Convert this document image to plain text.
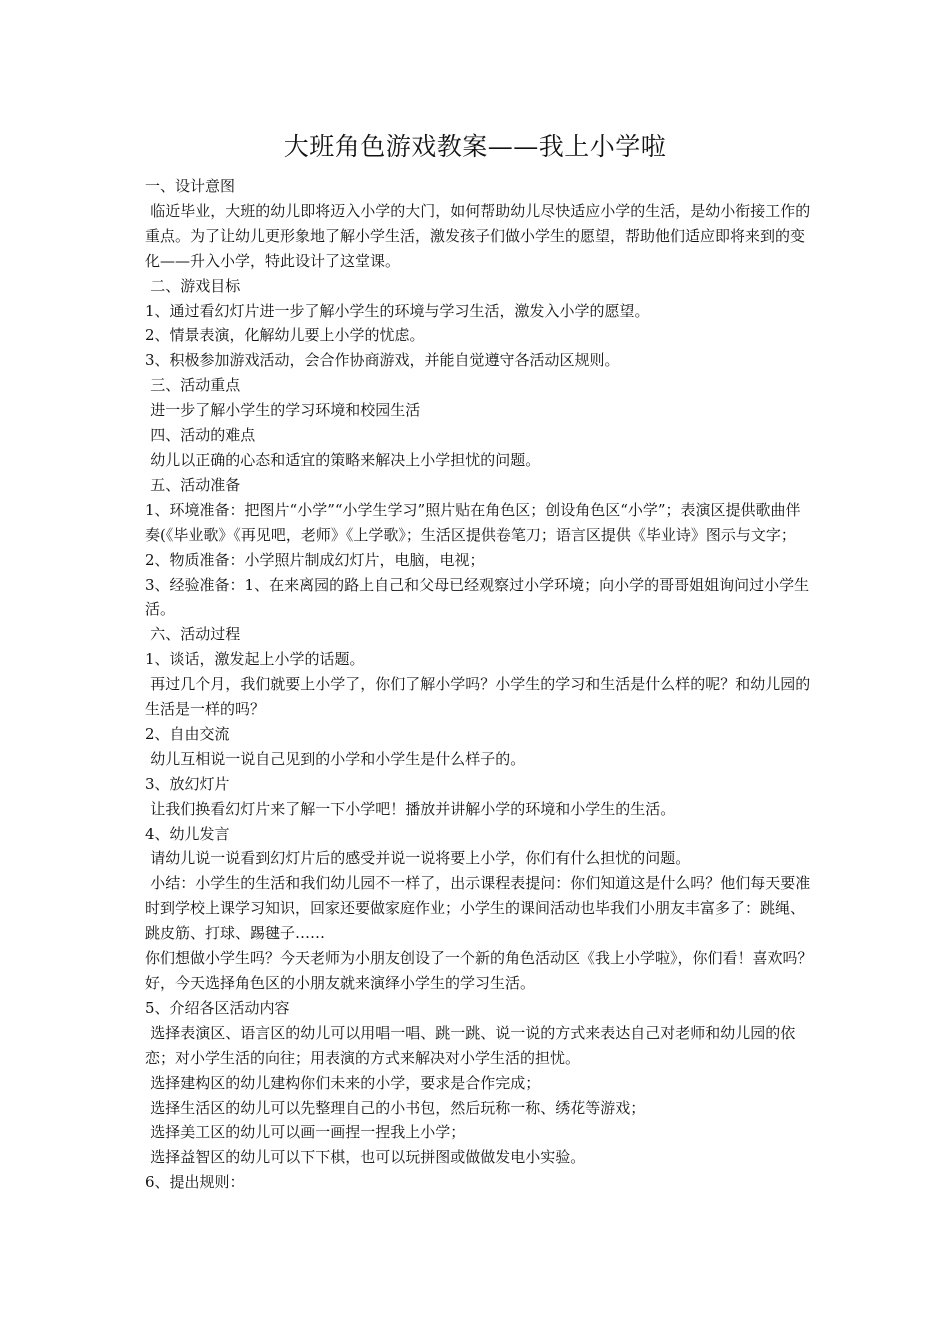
大班角色游戏教案——我上小学啦

一、设计意图

临近毕业，大班的幼儿即将迈入小学的大门，如何帮助幼儿尽快适应小学的生活，是幼小衔接工作的重点。为了让幼儿更形象地了解小学生活，激发孩子们做小学生的愿望，帮助他们适应即将来到的变化——升入小学，特此设计了这堂课。

二、游戏目标

1、通过看幻灯片进一步了解小学生的环境与学习生活，激发入小学的愿望。

2、情景表演，化解幼儿要上小学的忧虑。

3、积极参加游戏活动，会合作协商游戏，并能自觉遵守各活动区规则。

三、活动重点

进一步了解小学生的学习环境和校园生活

四、活动的难点

幼儿以正确的心态和适宜的策略来解决上小学担忧的问题。

五、活动准备

1、环境准备：把图片“小学”“小学生学习”照片贴在角色区；创设角色区“小学”；表演区提供歌曲伴奏(《毕业歌》《再见吧，老师》《上学歌》；生活区提供卷笔刀；语言区提供《毕业诗》图示与文字；

2、物质准备：小学照片制成幻灯片，电脑，电视；

3、经验准备：1、在来离园的路上自己和父母已经观察过小学环境；向小学的哥哥姐姐询问过小学生活。

六、活动过程

1、谈话，激发起上小学的话题。

再过几个月，我们就要上小学了，你们了解小学吗？小学生的学习和生活是什么样的呢？和幼儿园的生活是一样的吗？

2、自由交流

幼儿互相说一说自己见到的小学和小学生是什么样子的。

3、放幻灯片

让我们换看幻灯片来了解一下小学吧！播放并讲解小学的环境和小学生的生活。

4、幼儿发言

请幼儿说一说看到幻灯片后的感受并说一说将要上小学，你们有什么担忧的问题。

小结：小学生的生活和我们幼儿园不一样了，出示课程表提问：你们知道这是什么吗？他们每天要准时到学校上课学习知识，回家还要做家庭作业；小学生的课间活动也毕我们小朋友丰富多了：跳绳、跳皮筋、打球、踢毽子……

你们想做小学生吗？今天老师为小朋友创设了一个新的角色活动区《我上小学啦》，你们看！喜欢吗？好，今天选择角色区的小朋友就来演绎小学生的学习生活。

5、介绍各区活动内容

选择表演区、语言区的幼儿可以用唱一唱、跳一跳、说一说的方式来表达自己对老师和幼儿园的依恋；对小学生活的向往；用表演的方式来解决对小学生活的担忧。

选择建构区的幼儿建构你们未来的小学，要求是合作完成；

选择生活区的幼儿可以先整理自己的小书包，然后玩称一称、绣花等游戏；

选择美工区的幼儿可以画一画捏一捏我上小学；

选择益智区的幼儿可以下下棋，也可以玩拼图或做做发电小实验。

6、提出规则：
